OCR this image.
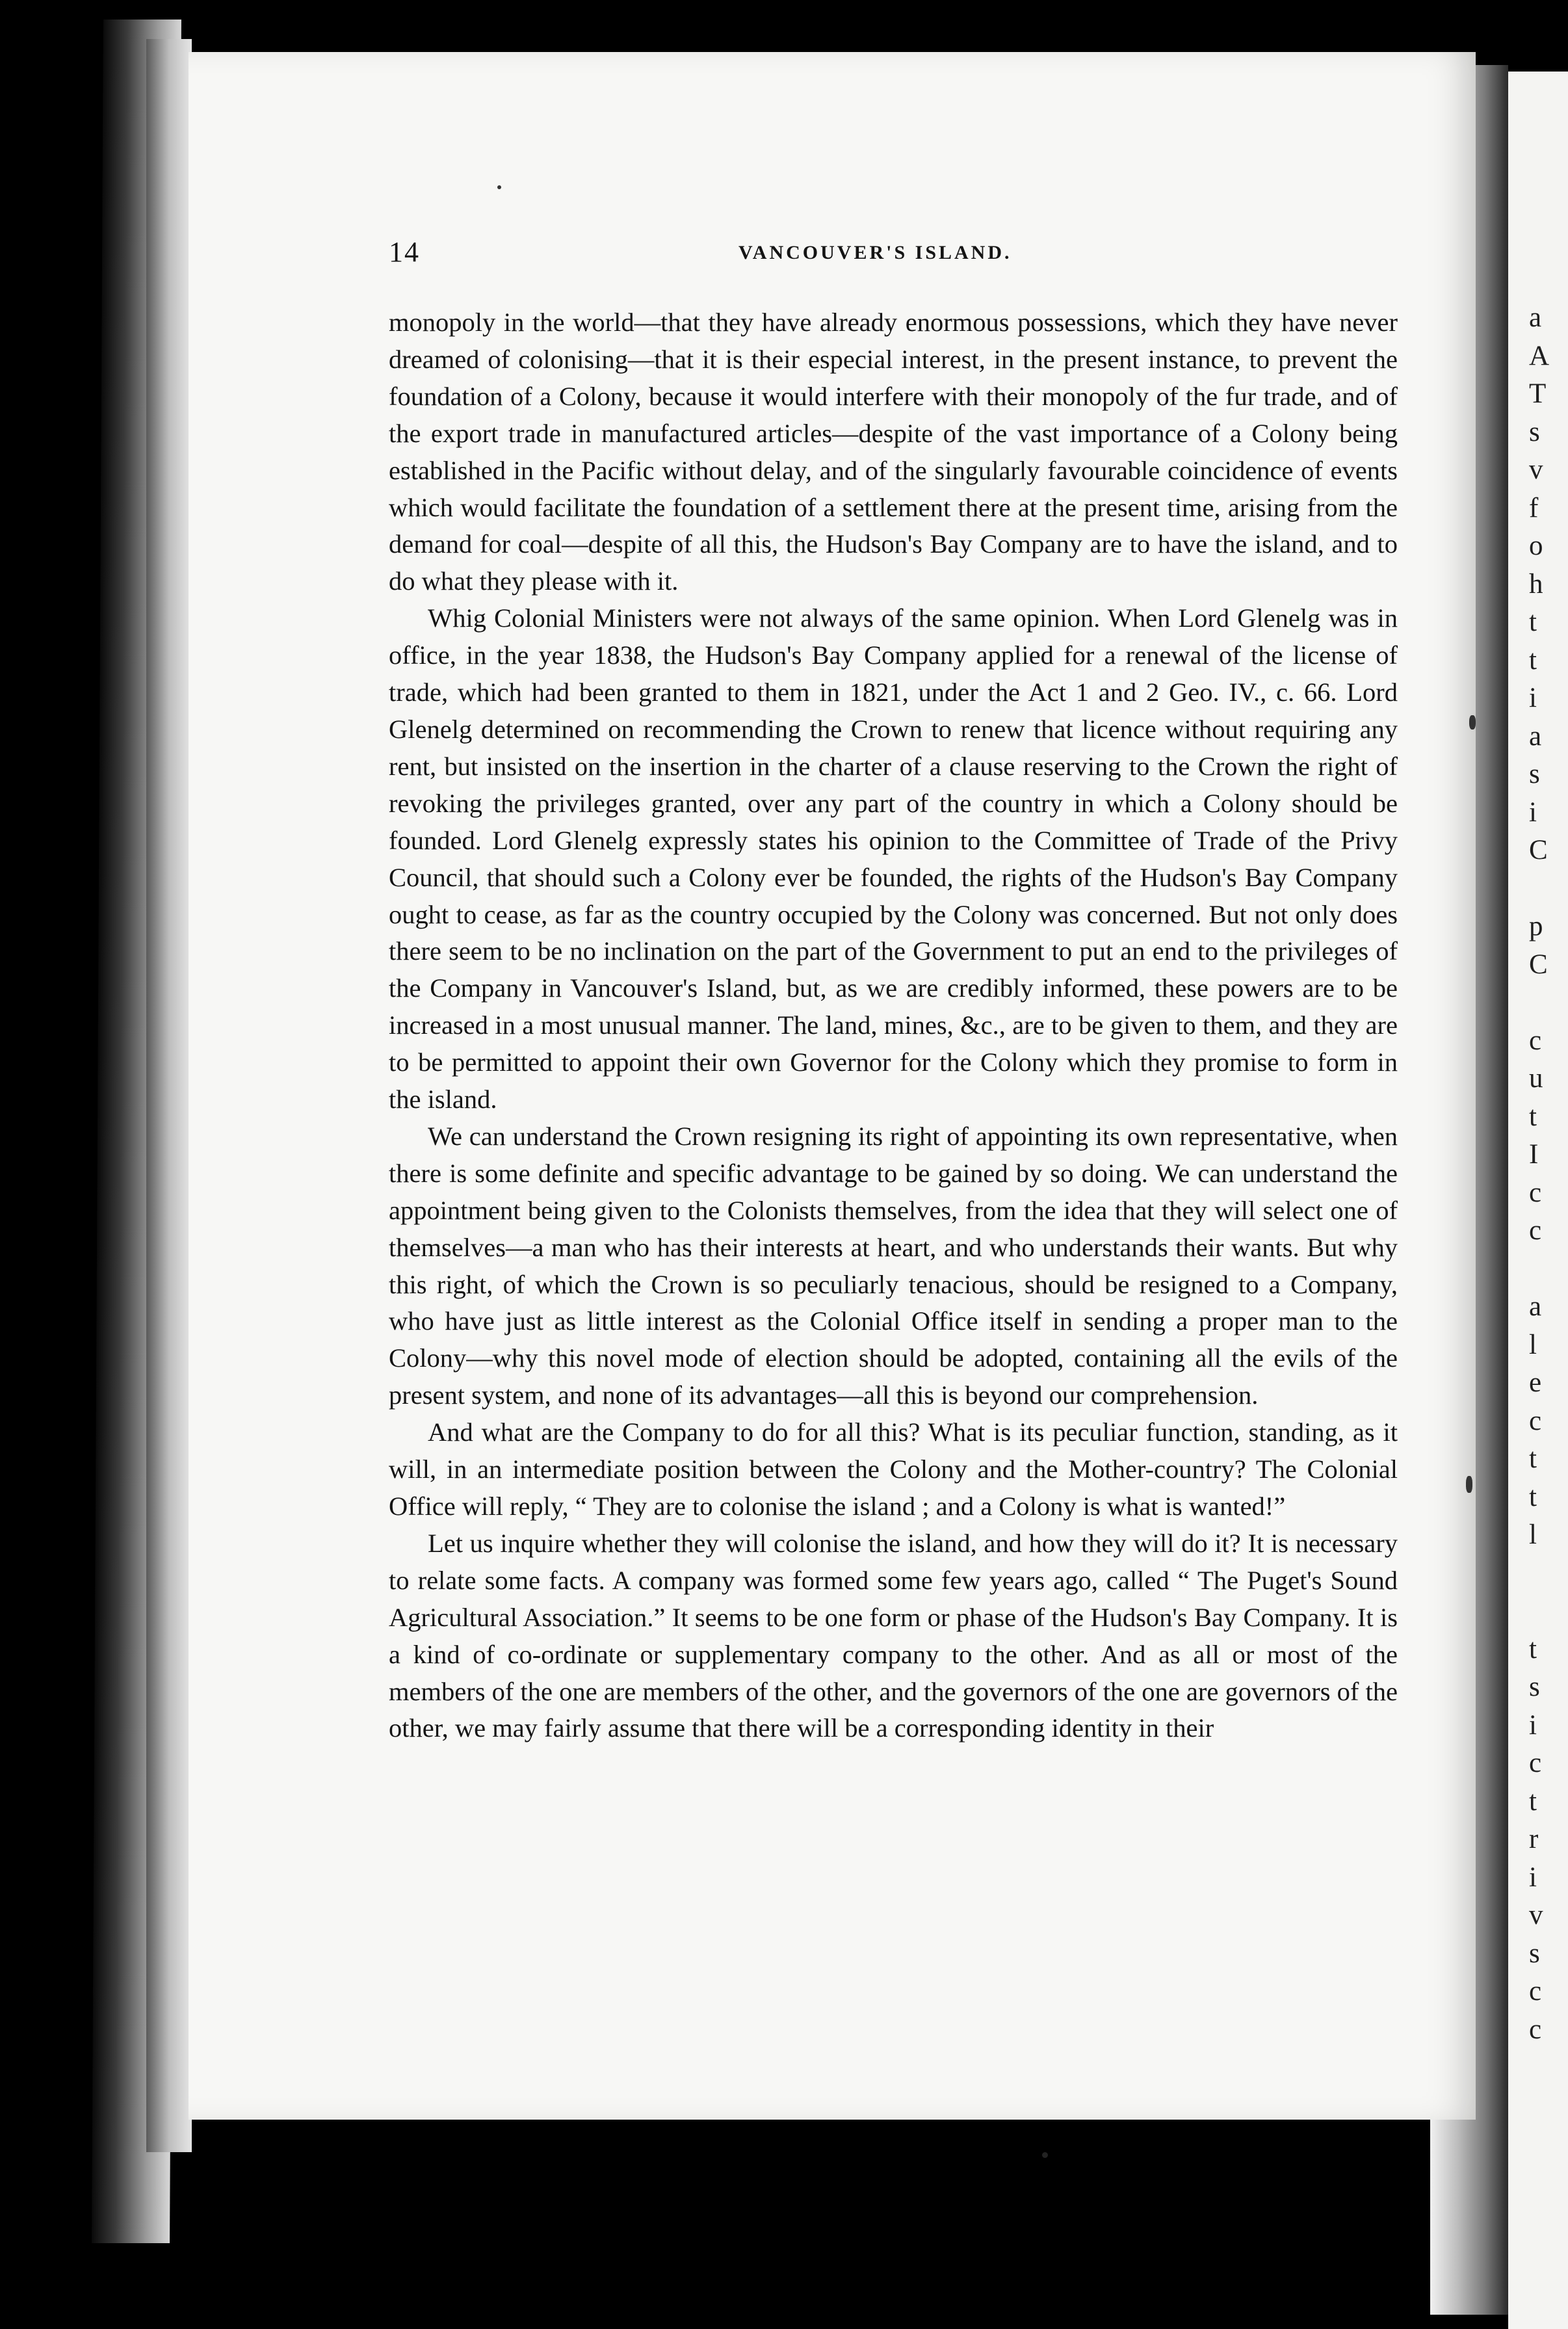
a
A
T
s
v
f
o
h
t
t
i
a
s
i
C

p
C

c
u
t
I
c
c

a
l
e
c
t
t
l

t
s
i
c
t
r
i
v
s
c
c
14	VANCOUVER'S ISLAND.

monopoly in the world—that they have already enormous possessions, which they have never dreamed of colonising—that it is their especial interest, in the present instance, to prevent the foundation of a Colony, because it would interfere with their monopoly of the fur trade, and of the export trade in manufactured articles—despite of the vast importance of a Colony being established in the Pacific without delay, and of the singularly favourable coincidence of events which would facilitate the foundation of a settlement there at the present time, arising from the demand for coal—despite of all this, the Hudson's Bay Company are to have the island, and to do what they please with it.

Whig Colonial Ministers were not always of the same opinion. When Lord Glenelg was in office, in the year 1838, the Hudson's Bay Company applied for a renewal of the license of trade, which had been granted to them in 1821, under the Act 1 and 2 Geo. IV., c. 66. Lord Glenelg determined on recommending the Crown to renew that licence without requiring any rent, but insisted on the insertion in the charter of a clause reserving to the Crown the right of revoking the privileges granted, over any part of the country in which a Colony should be founded. Lord Glenelg expressly states his opinion to the Committee of Trade of the Privy Council, that should such a Colony ever be founded, the rights of the Hudson's Bay Company ought to cease, as far as the country occupied by the Colony was concerned. But not only does there seem to be no inclination on the part of the Government to put an end to the privileges of the Company in Vancouver's Island, but, as we are credibly informed, these powers are to be increased in a most unusual manner. The land, mines, &c., are to be given to them, and they are to be permitted to appoint their own Governor for the Colony which they promise to form in the island.

We can understand the Crown resigning its right of appointing its own representative, when there is some definite and specific advantage to be gained by so doing. We can understand the appointment being given to the Colonists themselves, from the idea that they will select one of themselves—a man who has their interests at heart, and who understands their wants. But why this right, of which the Crown is so peculiarly tenacious, should be resigned to a Company, who have just as little interest as the Colonial Office itself in sending a proper man to the Colony—why this novel mode of election should be adopted, containing all the evils of the present system, and none of its advantages—all this is beyond our comprehension.

And what are the Company to do for all this? What is its peculiar function, standing, as it will, in an intermediate position between the Colony and the Mother-country? The Colonial Office will reply, “ They are to colonise the island ; and a Colony is what is wanted!”

Let us inquire whether they will colonise the island, and how they will do it? It is necessary to relate some facts. A company was formed some few years ago, called “ The Puget's Sound Agricultural Association.” It seems to be one form or phase of the Hudson's Bay Company. It is a kind of co-ordinate or supplementary company to the other. And as all or most of the members of the one are members of the other, and the governors of the one are governors of the other, we may fairly assume that there will be a corresponding identity in their
